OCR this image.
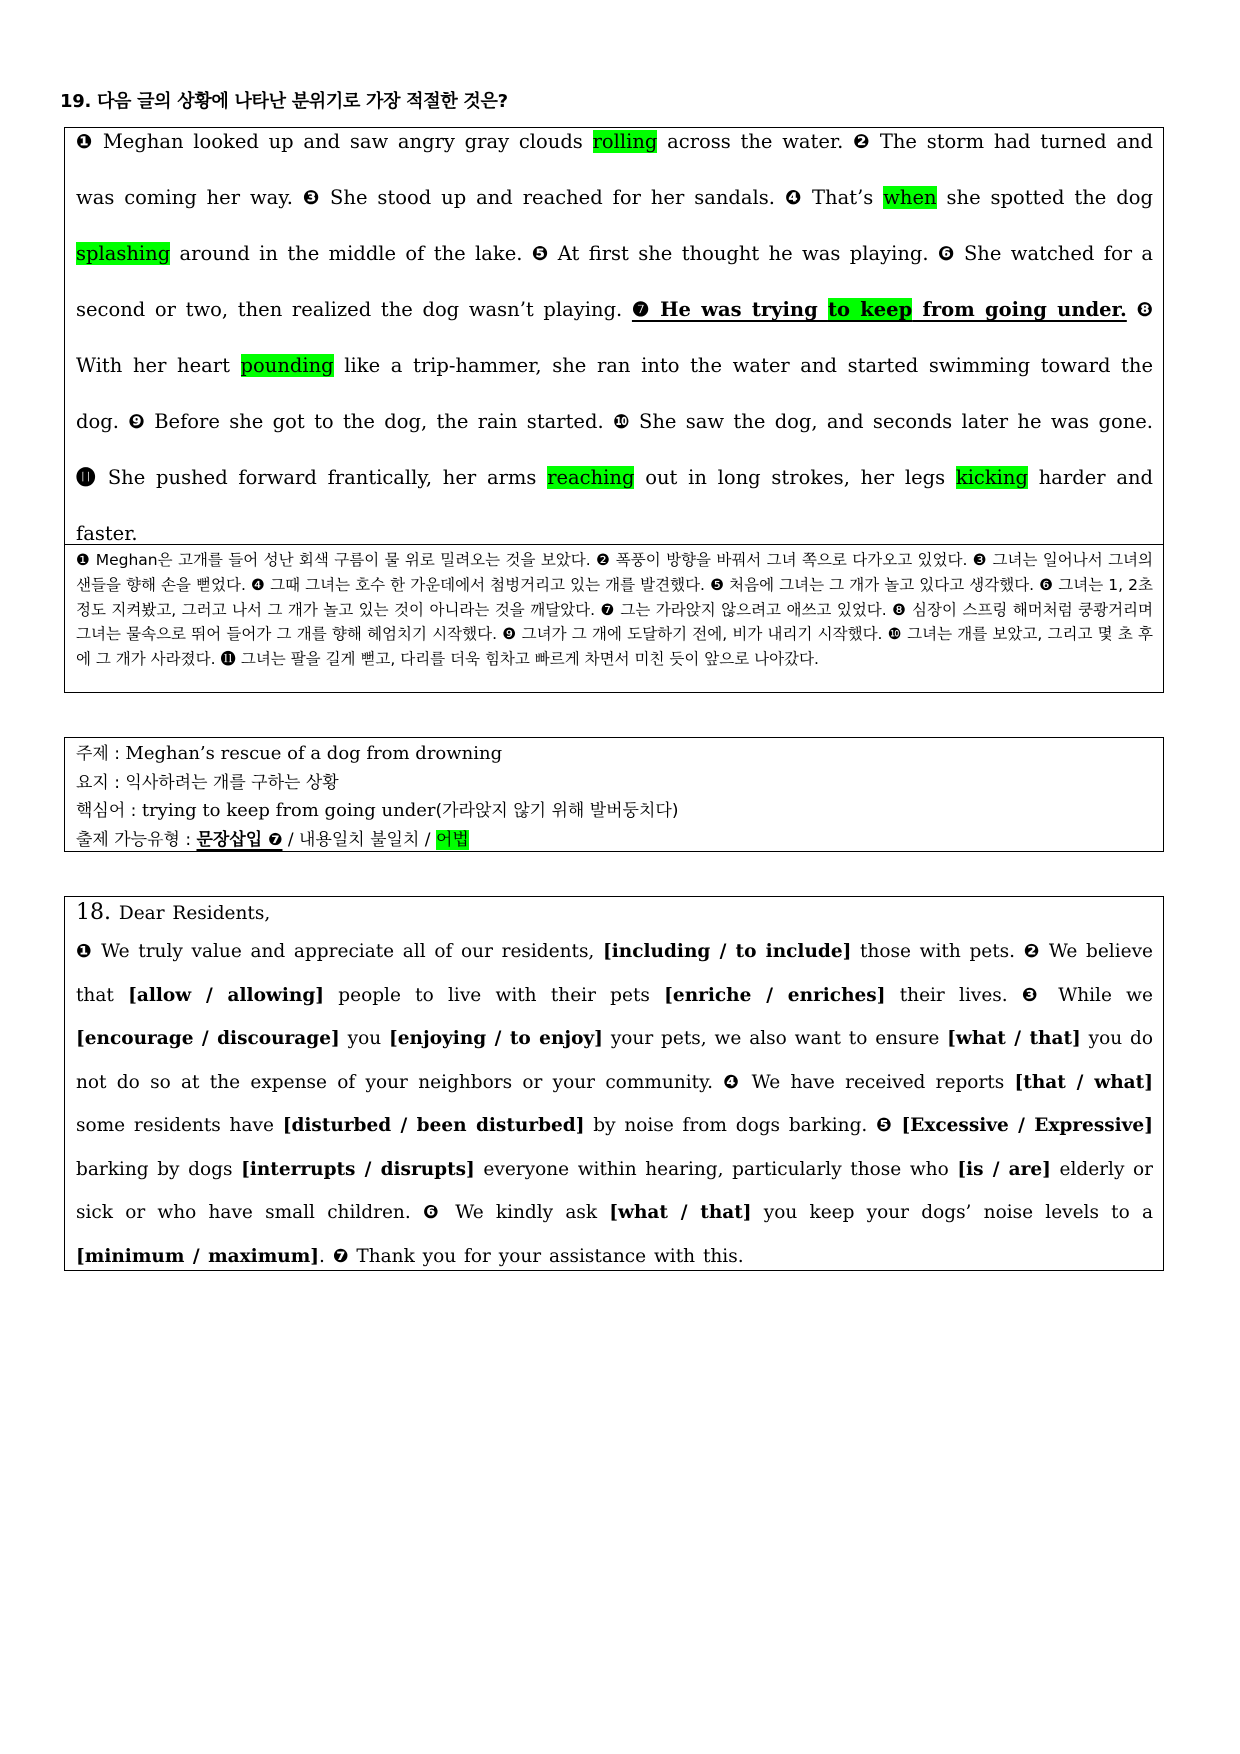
19. 다음 글의 상황에 나타난 분위기로 가장 적절한 것은?

❶ Meghan looked up and saw angry gray clouds rolling across the water. ❷ The storm had turned and was coming her way. ❸ She stood up and reached for her sandals. ❹ That’s when she spotted the dog splashing around in the middle of the lake. ❺ At first she thought he was playing. ❻ She watched for a second or two, then realized the dog wasn’t playing. ❼ He was trying to keep from going under. ❽ With her heart pounding like a trip-hammer, she ran into the water and started swimming toward the dog. ❾ Before she got to the dog, the rain started. ❿ She saw the dog, and seconds later he was gone. ⓫ She pushed forward frantically, her arms reaching out in long strokes, her legs kicking harder and faster.

❶ Meghan은 고개를 들어 성난 회색 구름이 물 위로 밀려오는 것을 보았다. ❷ 폭풍이 방향을 바꿔서 그녀 쪽으로 다가오고 있었다. ❸ 그녀는 일어나서 그녀의 샌들을 향해 손을 뻗었다. ❹ 그때 그녀는 호수 한 가운데에서 첨벙거리고 있는 개를 발견했다. ❺ 처음에 그녀는 그 개가 놀고 있다고 생각했다. ❻ 그녀는 1, 2초 정도 지켜봤고, 그러고 나서 그 개가 놀고 있는 것이 아니라는 것을 깨달았다. ❼ 그는 가라앉지 않으려고 애쓰고 있었다. ❽ 심장이 스프링 해머처럼 쿵쾅거리며 그녀는 물속으로 뛰어 들어가 그 개를 향해 헤엄치기 시작했다. ❾ 그녀가 그 개에 도달하기 전에, 비가 내리기 시작했다. ❿ 그녀는 개를 보았고, 그리고 몇 초 후에 그 개가 사라졌다. ⓫ 그녀는 팔을 길게 뻗고, 다리를 더욱 힘차고 빠르게 차면서 미친 듯이 앞으로 나아갔다.
주제 : Meghan’s rescue of a dog from drowning
요지 : 익사하려는 개를 구하는 상황
핵심어 : trying to keep from going under(가라앉지 않기 위해 발버둥치다)
출제 가능유형 : 문장삽입 ❼ / 내용일치 불일치 / 어법
18. Dear Residents,

❶ We truly value and appreciate all of our residents, [including / to include] those with pets. ❷ We believe that [allow / allowing] people to live with their pets [enriche / enriches] their lives. ❸ While we [encourage / discourage] you [enjoying / to enjoy] your pets, we also want to ensure [what / that] you do not do so at the expense of your neighbors or your community. ❹ We have received reports [that / what] some residents have [disturbed / been disturbed] by noise from dogs barking. ❺ [Excessive / Expressive] barking by dogs [interrupts / disrupts] everyone within hearing, particularly those who [is / are] elderly or sick or who have small children. ❻ We kindly ask [what / that] you keep your dogs’ noise levels to a [minimum / maximum]. ❼ Thank you for your assistance with this.
